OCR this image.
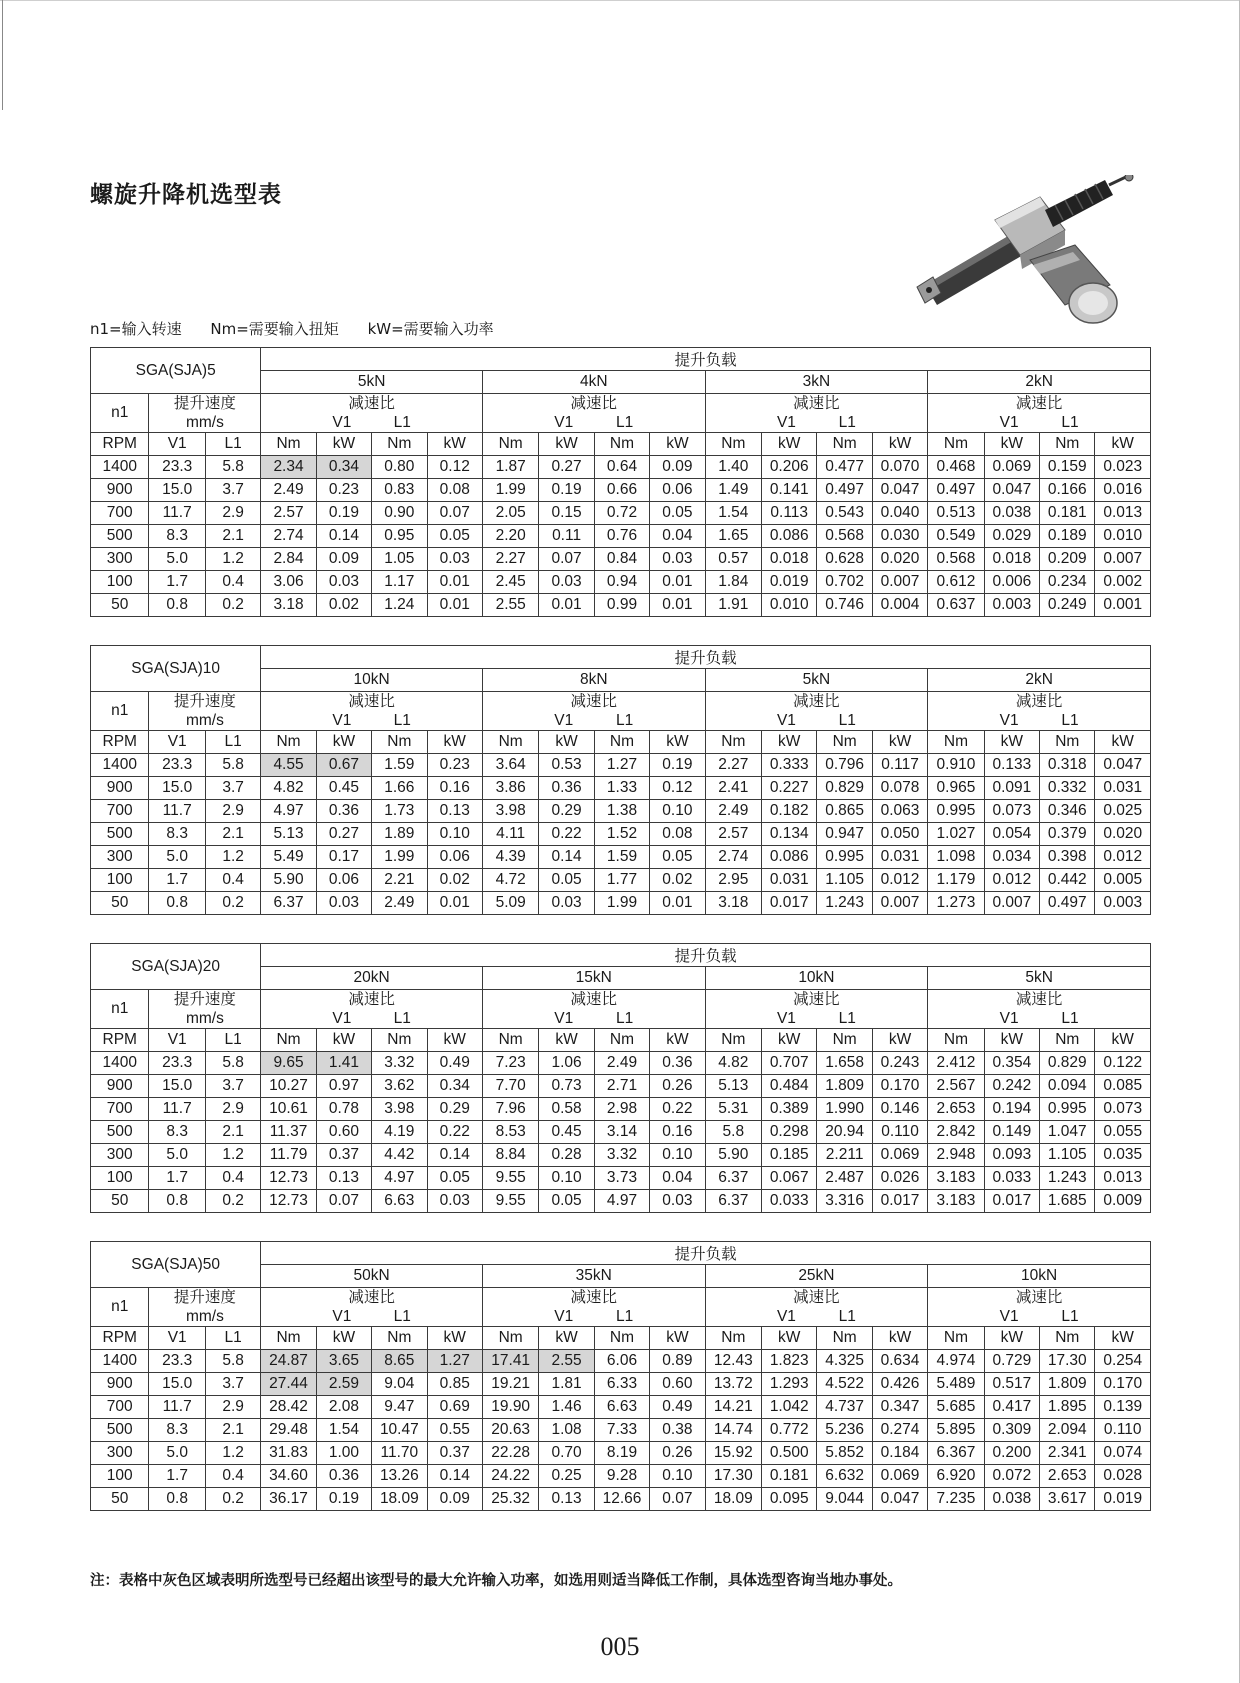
螺旋升降机选型表
n1=输入转速 Nm=需要输入扭矩 kW=需要输入功率
SGA(SJA)5			提升负载															
			5kN				4kN				3kN				2kN			
n1	提升速度
mm/s		减速比
V1 L1				减速比
V1 L1				减速比
V1 L1				减速比
V1 L1			

RPM	V1	L1	Nm	kW	Nm	kW	Nm	kW	Nm	kW	Nm	kW	Nm	kW	Nm	kW	Nm	kW
1400	23.3	5.8	2.34	0.34	0.80	0.12	1.87	0.27	0.64	0.09	1.40	0.206	0.477	0.070	0.468	0.069	0.159	0.023
900	15.0	3.7	2.49	0.23	0.83	0.08	1.99	0.19	0.66	0.06	1.49	0.141	0.497	0.047	0.497	0.047	0.166	0.016
700	11.7	2.9	2.57	0.19	0.90	0.07	2.05	0.15	0.72	0.05	1.54	0.113	0.543	0.040	0.513	0.038	0.181	0.013
500	8.3	2.1	2.74	0.14	0.95	0.05	2.20	0.11	0.76	0.04	1.65	0.086	0.568	0.030	0.549	0.029	0.189	0.010
300	5.0	1.2	2.84	0.09	1.05	0.03	2.27	0.07	0.84	0.03	0.57	0.018	0.628	0.020	0.568	0.018	0.209	0.007
100	1.7	0.4	3.06	0.03	1.17	0.01	2.45	0.03	0.94	0.01	1.84	0.019	0.702	0.007	0.612	0.006	0.234	0.002
50	0.8	0.2	3.18	0.02	1.24	0.01	2.55	0.01	0.99	0.01	1.91	0.010	0.746	0.004	0.637	0.003	0.249	0.001
SGA(SJA)10			提升负载															
			10kN				8kN				5kN				2kN			
n1	提升速度
mm/s		减速比
V1 L1				减速比
V1 L1				减速比
V1 L1				减速比
V1 L1			

RPM	V1	L1	Nm	kW	Nm	kW	Nm	kW	Nm	kW	Nm	kW	Nm	kW	Nm	kW	Nm	kW
1400	23.3	5.8	4.55	0.67	1.59	0.23	3.64	0.53	1.27	0.19	2.27	0.333	0.796	0.117	0.910	0.133	0.318	0.047
900	15.0	3.7	4.82	0.45	1.66	0.16	3.86	0.36	1.33	0.12	2.41	0.227	0.829	0.078	0.965	0.091	0.332	0.031
700	11.7	2.9	4.97	0.36	1.73	0.13	3.98	0.29	1.38	0.10	2.49	0.182	0.865	0.063	0.995	0.073	0.346	0.025
500	8.3	2.1	5.13	0.27	1.89	0.10	4.11	0.22	1.52	0.08	2.57	0.134	0.947	0.050	1.027	0.054	0.379	0.020
300	5.0	1.2	5.49	0.17	1.99	0.06	4.39	0.14	1.59	0.05	2.74	0.086	0.995	0.031	1.098	0.034	0.398	0.012
100	1.7	0.4	5.90	0.06	2.21	0.02	4.72	0.05	1.77	0.02	2.95	0.031	1.105	0.012	1.179	0.012	0.442	0.005
50	0.8	0.2	6.37	0.03	2.49	0.01	5.09	0.03	1.99	0.01	3.18	0.017	1.243	0.007	1.273	0.007	0.497	0.003
SGA(SJA)20			提升负载															
			20kN				15kN				10kN				5kN			
n1	提升速度
mm/s		减速比
V1 L1				减速比
V1 L1				减速比
V1 L1				减速比
V1 L1			

RPM	V1	L1	Nm	kW	Nm	kW	Nm	kW	Nm	kW	Nm	kW	Nm	kW	Nm	kW	Nm	kW
1400	23.3	5.8	9.65	1.41	3.32	0.49	7.23	1.06	2.49	0.36	4.82	0.707	1.658	0.243	2.412	0.354	0.829	0.122
900	15.0	3.7	10.27	0.97	3.62	0.34	7.70	0.73	2.71	0.26	5.13	0.484	1.809	0.170	2.567	0.242	0.094	0.085
700	11.7	2.9	10.61	0.78	3.98	0.29	7.96	0.58	2.98	0.22	5.31	0.389	1.990	0.146	2.653	0.194	0.995	0.073
500	8.3	2.1	11.37	0.60	4.19	0.22	8.53	0.45	3.14	0.16	5.8	0.298	20.94	0.110	2.842	0.149	1.047	0.055
300	5.0	1.2	11.79	0.37	4.42	0.14	8.84	0.28	3.32	0.10	5.90	0.185	2.211	0.069	2.948	0.093	1.105	0.035
100	1.7	0.4	12.73	0.13	4.97	0.05	9.55	0.10	3.73	0.04	6.37	0.067	2.487	0.026	3.183	0.033	1.243	0.013
50	0.8	0.2	12.73	0.07	6.63	0.03	9.55	0.05	4.97	0.03	6.37	0.033	3.316	0.017	3.183	0.017	1.685	0.009
SGA(SJA)50			提升负载															
			50kN				35kN				25kN				10kN			
n1	提升速度
mm/s		减速比
V1 L1				减速比
V1 L1				减速比
V1 L1				减速比
V1 L1			

RPM	V1	L1	Nm	kW	Nm	kW	Nm	kW	Nm	kW	Nm	kW	Nm	kW	Nm	kW	Nm	kW
1400	23.3	5.8	24.87	3.65	8.65	1.27	17.41	2.55	6.06	0.89	12.43	1.823	4.325	0.634	4.974	0.729	17.30	0.254
900	15.0	3.7	27.44	2.59	9.04	0.85	19.21	1.81	6.33	0.60	13.72	1.293	4.522	0.426	5.489	0.517	1.809	0.170
700	11.7	2.9	28.42	2.08	9.47	0.69	19.90	1.46	6.63	0.49	14.21	1.042	4.737	0.347	5.685	0.417	1.895	0.139
500	8.3	2.1	29.48	1.54	10.47	0.55	20.63	1.08	7.33	0.38	14.74	0.772	5.236	0.274	5.895	0.309	2.094	0.110
300	5.0	1.2	31.83	1.00	11.70	0.37	22.28	0.70	8.19	0.26	15.92	0.500	5.852	0.184	6.367	0.200	2.341	0.074
100	1.7	0.4	34.60	0.36	13.26	0.14	24.22	0.25	9.28	0.10	17.30	0.181	6.632	0.069	6.920	0.072	2.653	0.028
50	0.8	0.2	36.17	0.19	18.09	0.09	25.32	0.13	12.66	0.07	18.09	0.095	9.044	0.047	7.235	0.038	3.617	0.019
注：表格中灰色区域表明所选型号已经超出该型号的最大允许输入功率，如选用则适当降低工作制，具体选型咨询当地办事处。
005
